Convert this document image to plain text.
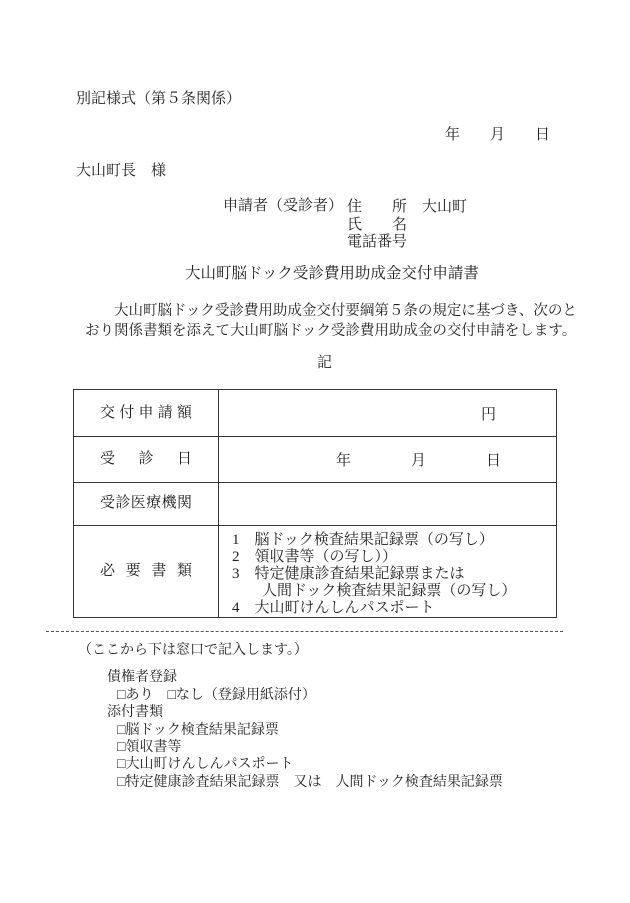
別記様式（第５条関係）
年　　月　　日
大山町長　様
申請者（受診者） 住　　所　大山町
氏　　名
電話番号
大山町脳ドック受診費用助成金交付申請書
　　大山町脳ドック受診費用助成金交付要綱第５条の規定に基づき、次のと
おり関係書類を添えて大山町脳ドック受診費用助成金の交付申請をします。
記
交付申請額	円
受診日	年　　　　月　　　　日
受診医療機関
必要書類
1　脳ドック検査結果記録票（の写し）
2　領収書等（の写し））
3　特定健康診査結果記録票または
　　人間ドック検査結果記録票（の写し）
4　大山町けんしんパスポート
（ここから下は窓口で記入します。）
債権者登録
□あり　□なし（登録用紙添付）
添付書類
□脳ドック検査結果記録票
□領収書等
□大山町けんしんパスポート
□特定健康診査結果記録票　又は　人間ドック検査結果記録票
